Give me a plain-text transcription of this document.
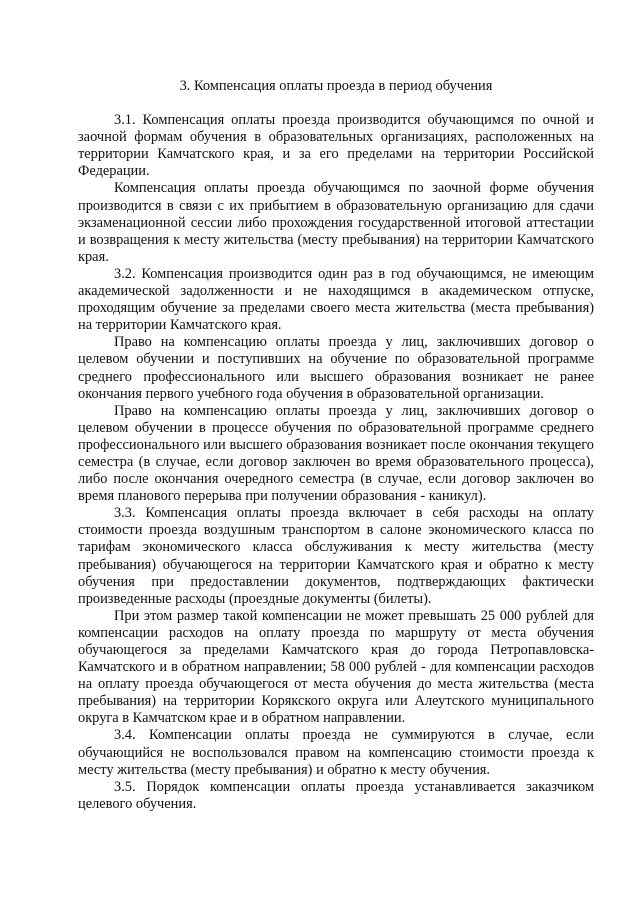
3. Компенсация оплаты проезда в период обучения

3.1. Компенсация оплаты проезда производится обучающимся по очной и заочной формам обучения в образовательных организациях, расположенных на территории Камчатского края, и за его пределами на территории Российской Федерации.

Компенсация оплаты проезда обучающимся по заочной форме обучения производится в связи с их прибытием в образовательную организацию для сдачи экзаменационной сессии либо прохождения государственной итоговой аттестации и возвращения к месту жительства (месту пребывания) на территории Камчатского края.

3.2. Компенсация производится один раз в год обучающимся, не имеющим академической задолженности и не находящимся в академическом отпуске, проходящим обучение за пределами своего места жительства (места пребывания) на территории Камчатского края.

Право на компенсацию оплаты проезда у лиц, заключивших договор о целевом обучении и поступивших на обучение по образовательной программе среднего профессионального или высшего образования возникает не ранее окончания первого учебного года обучения в образовательной организации.

Право на компенсацию оплаты проезда у лиц, заключивших договор о целевом обучении в процессе обучения по образовательной программе среднего профессионального или высшего образования возникает после окончания текущего семестра (в случае, если договор заключен во время образовательного процесса), либо после окончания очередного семестра (в случае, если договор заключен во время планового перерыва при получении образования - каникул).

3.3. Компенсация оплаты проезда включает в себя расходы на оплату стоимости проезда воздушным транспортом в салоне экономического класса по тарифам экономического класса обслуживания к месту жительства (месту пребывания) обучающегося на территории Камчатского края и обратно к месту обучения при предоставлении документов, подтверждающих фактически произведенные расходы (проездные документы (билеты).

При этом размер такой компенсации не может превышать 25 000 рублей для компенсации расходов на оплату проезда по маршруту от места обучения обучающегося за пределами Камчатского края до города Петропавловска-Камчатского и в обратном направлении; 58 000 рублей - для компенсации расходов на оплату проезда обучающегося от места обучения до места жительства (места пребывания) на территории Корякского округа или Алеутского муниципального округа в Камчатском крае и в обратном направлении.

3.4. Компенсации оплаты проезда не суммируются в случае, если обучающийся не воспользовался правом на компенсацию стоимости проезда к месту жительства (месту пребывания) и обратно к месту обучения.

3.5. Порядок компенсации оплаты проезда устанавливается заказчиком целевого обучения.
